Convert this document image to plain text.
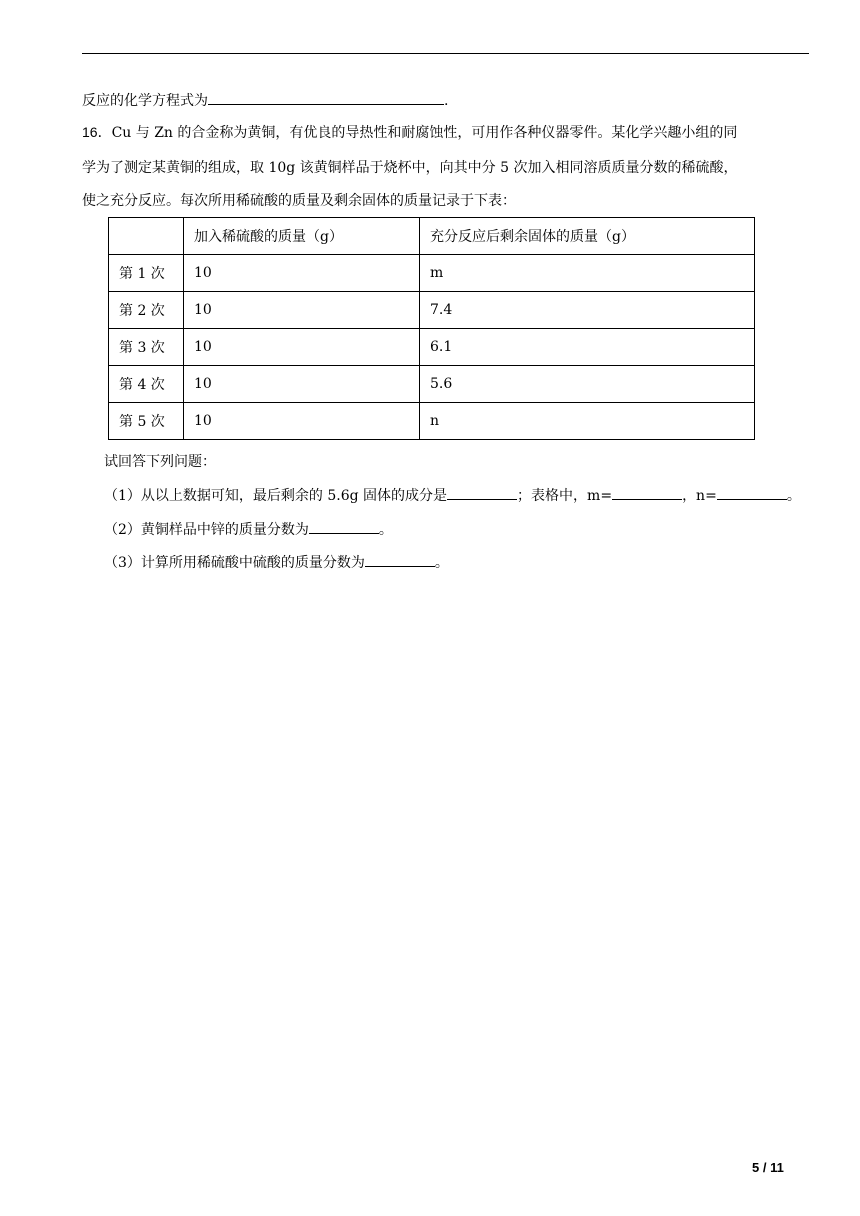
反应的化学方程式为	.
16．Cu 与 Zn 的合金称为黄铜，有优良的导热性和耐腐蚀性，可用作各种仪器零件。某化学兴趣小组的同
学为了测定某黄铜的组成，取 10g 该黄铜样品于烧杯中，向其中分 5 次加入相同溶质质量分数的稀硫酸，
使之充分反应。每次所用稀硫酸的质量及剩余固体的质量记录于下表：
	加入稀硫酸的质量（g）	充分反应后剩余固体的质量（g）
第 1 次	10	m
第 2 次	10	7.4
第 3 次	10	6.1
第 4 次	10	5.6
第 5 次	10	n
试回答下列问题：
（1）从以上数据可知，最后剩余的 5.6g 固体的成分是	；表格中，m=	，n=	。
（2）黄铜样品中锌的质量分数为	。
（3）计算所用稀硫酸中硫酸的质量分数为	。
5 / 11
